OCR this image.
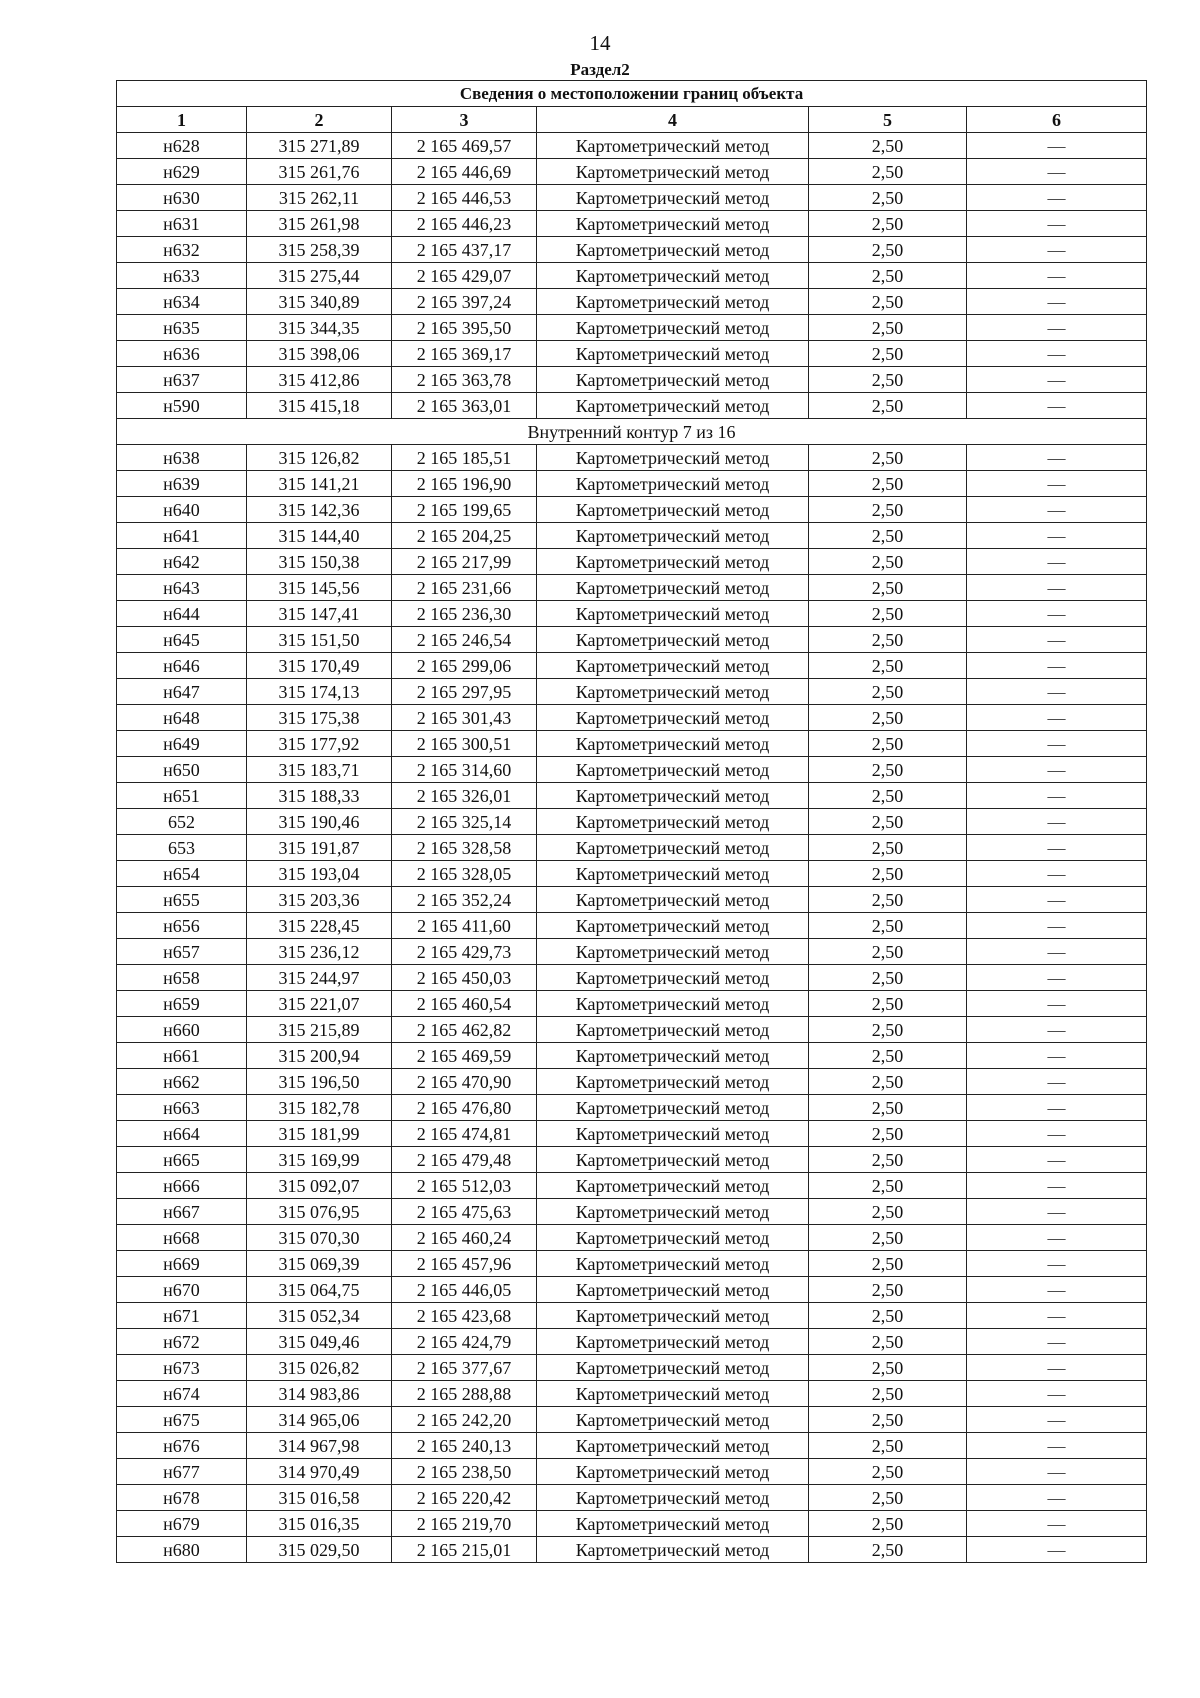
14
Раздел2
Сведения о местоположении границ объекта					
1	2	3	4	5	6
н628	315 271,89	2 165 469,57	Картометрический метод	2,50	—
н629	315 261,76	2 165 446,69	Картометрический метод	2,50	—
н630	315 262,11	2 165 446,53	Картометрический метод	2,50	—
н631	315 261,98	2 165 446,23	Картометрический метод	2,50	—
н632	315 258,39	2 165 437,17	Картометрический метод	2,50	—
н633	315 275,44	2 165 429,07	Картометрический метод	2,50	—
н634	315 340,89	2 165 397,24	Картометрический метод	2,50	—
н635	315 344,35	2 165 395,50	Картометрический метод	2,50	—
н636	315 398,06	2 165 369,17	Картометрический метод	2,50	—
н637	315 412,86	2 165 363,78	Картометрический метод	2,50	—
н590	315 415,18	2 165 363,01	Картометрический метод	2,50	—
Внутренний контур 7 из 16					
н638	315 126,82	2 165 185,51	Картометрический метод	2,50	—
н639	315 141,21	2 165 196,90	Картометрический метод	2,50	—
н640	315 142,36	2 165 199,65	Картометрический метод	2,50	—
н641	315 144,40	2 165 204,25	Картометрический метод	2,50	—
н642	315 150,38	2 165 217,99	Картометрический метод	2,50	—
н643	315 145,56	2 165 231,66	Картометрический метод	2,50	—
н644	315 147,41	2 165 236,30	Картометрический метод	2,50	—
н645	315 151,50	2 165 246,54	Картометрический метод	2,50	—
н646	315 170,49	2 165 299,06	Картометрический метод	2,50	—
н647	315 174,13	2 165 297,95	Картометрический метод	2,50	—
н648	315 175,38	2 165 301,43	Картометрический метод	2,50	—
н649	315 177,92	2 165 300,51	Картометрический метод	2,50	—
н650	315 183,71	2 165 314,60	Картометрический метод	2,50	—
н651	315 188,33	2 165 326,01	Картометрический метод	2,50	—
652	315 190,46	2 165 325,14	Картометрический метод	2,50	—
653	315 191,87	2 165 328,58	Картометрический метод	2,50	—
н654	315 193,04	2 165 328,05	Картометрический метод	2,50	—
н655	315 203,36	2 165 352,24	Картометрический метод	2,50	—
н656	315 228,45	2 165 411,60	Картометрический метод	2,50	—
н657	315 236,12	2 165 429,73	Картометрический метод	2,50	—
н658	315 244,97	2 165 450,03	Картометрический метод	2,50	—
н659	315 221,07	2 165 460,54	Картометрический метод	2,50	—
н660	315 215,89	2 165 462,82	Картометрический метод	2,50	—
н661	315 200,94	2 165 469,59	Картометрический метод	2,50	—
н662	315 196,50	2 165 470,90	Картометрический метод	2,50	—
н663	315 182,78	2 165 476,80	Картометрический метод	2,50	—
н664	315 181,99	2 165 474,81	Картометрический метод	2,50	—
н665	315 169,99	2 165 479,48	Картометрический метод	2,50	—
н666	315 092,07	2 165 512,03	Картометрический метод	2,50	—
н667	315 076,95	2 165 475,63	Картометрический метод	2,50	—
н668	315 070,30	2 165 460,24	Картометрический метод	2,50	—
н669	315 069,39	2 165 457,96	Картометрический метод	2,50	—
н670	315 064,75	2 165 446,05	Картометрический метод	2,50	—
н671	315 052,34	2 165 423,68	Картометрический метод	2,50	—
н672	315 049,46	2 165 424,79	Картометрический метод	2,50	—
н673	315 026,82	2 165 377,67	Картометрический метод	2,50	—
н674	314 983,86	2 165 288,88	Картометрический метод	2,50	—
н675	314 965,06	2 165 242,20	Картометрический метод	2,50	—
н676	314 967,98	2 165 240,13	Картометрический метод	2,50	—
н677	314 970,49	2 165 238,50	Картометрический метод	2,50	—
н678	315 016,58	2 165 220,42	Картометрический метод	2,50	—
н679	315 016,35	2 165 219,70	Картометрический метод	2,50	—
н680	315 029,50	2 165 215,01	Картометрический метод	2,50	—
